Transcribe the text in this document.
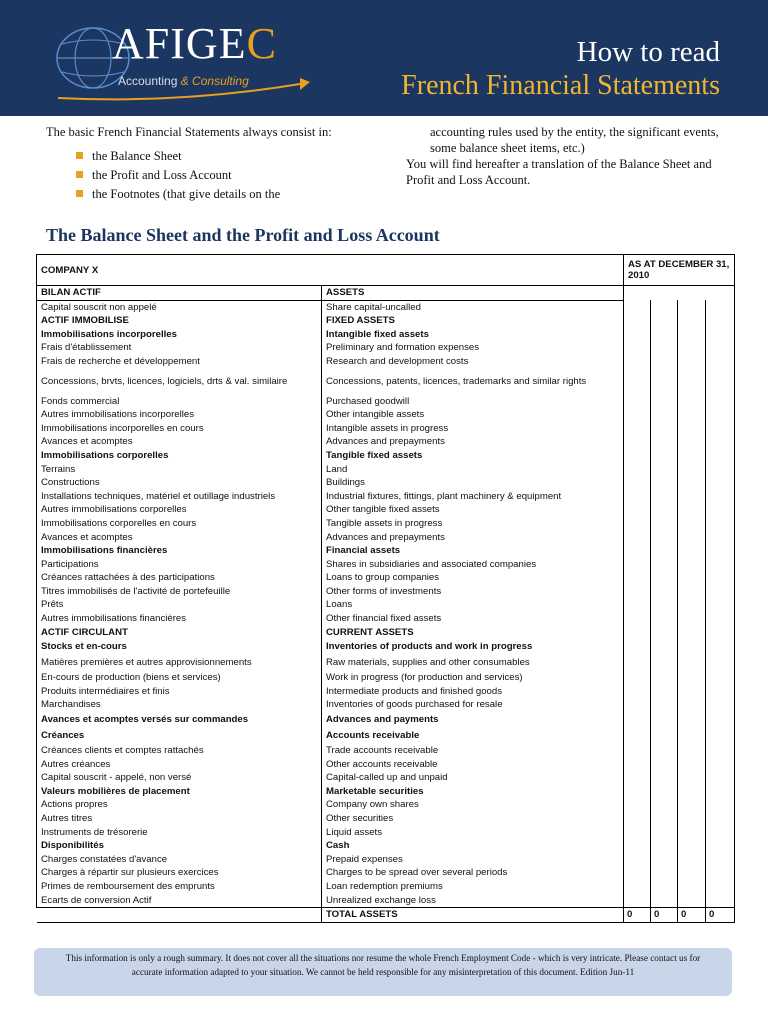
AFIGEC
Accounting & Consulting
How to read
French Financial Statements
The basic French Financial Statements always consist in:
the Balance Sheet
the Profit and Loss Account
the Footnotes (that give details on the
accounting rules used by the entity, the significant events, some balance sheet items, etc.)
You will find hereafter a translation of the Balance Sheet and Profit and Loss Account.
The Balance Sheet and the Profit and Loss Account
COMPANY X		AS AT DECEMBER 31, 2010			
BILAN ACTIF	ASSETS				
Capital souscrit non appelé	Share capital-uncalled				
ACTIF IMMOBILISE	FIXED ASSETS				
Immobilisations incorporelles	Intangible fixed assets				
Frais d'établissement	Preliminary and formation expenses				
Frais de recherche et développement	Research and development costs				
Concessions, brvts, licences, logiciels, drts & val. similaire	Concessions, patents, licences, trademarks and similar rights				
Fonds commercial	Purchased goodwill				
Autres immobilisations incorporelles	Other intangible assets				
Immobilisations incorporelles en cours	Intangible assets in progress				
Avances et acomptes	Advances and prepayments				
Immobilisations corporelles	Tangible fixed assets				
Terrains	Land				
Constructions	Buildings				
Installations techniques, matériel et outillage industriels	Industrial fixtures, fittings, plant machinery & equipment				
Autres immobilisations corporelles	Other tangible fixed assets				
Immobilisations corporelles en cours	Tangible assets in progress				
Avances et acomptes	Advances and prepayments				
Immobilisations financières	Financial assets				
Participations	Shares in subsidiaries and associated companies				
Créances rattachées à des participations	Loans to group companies				
Titres immobilisés de l'activité de portefeuille	Other forms of investments				
Prêts	Loans				
Autres immobilisations financières	Other financial fixed assets				
ACTIF CIRCULANT	CURRENT ASSETS				
Stocks et en-cours	Inventories of products and work in progress				
Matières premières et autres approvisionnements	Raw materials, supplies and other consumables				
En-cours de production (biens et services)	Work in progress (for production and services)				
Produits intermédiaires et finis	Intermediate products and finished goods				
Marchandises	Inventories of goods purchased for resale				
Avances et acomptes versés sur commandes	Advances and payments				
Créances	Accounts receivable				
Créances clients et comptes rattachés	Trade accounts receivable				
Autres créances	Other accounts receivable				
Capital souscrit - appelé, non versé	Capital-called up and unpaid				
Valeurs mobilières de placement	Marketable securities				
Actions propres	Company own shares				
Autres titres	Other securities				
Instruments de trésorerie	Liquid assets				
Disponibilités	Cash				
Charges constatées d'avance	Prepaid expenses				
Charges à répartir sur plusieurs exercices	Charges to be spread over several periods				
Primes de remboursement des emprunts	Loan redemption premiums				
Ecarts de conversion Actif	Unrealized exchange loss				
	TOTAL ASSETS	0	0	0	0
This information is only a rough summary. It does not cover all the situations nor resume the whole French Employment Code - which is very intricate. Please contact us for accurate information adapted to your situation. We cannot be held responsible for any misinterpretation of this document. Edition Jun-11
